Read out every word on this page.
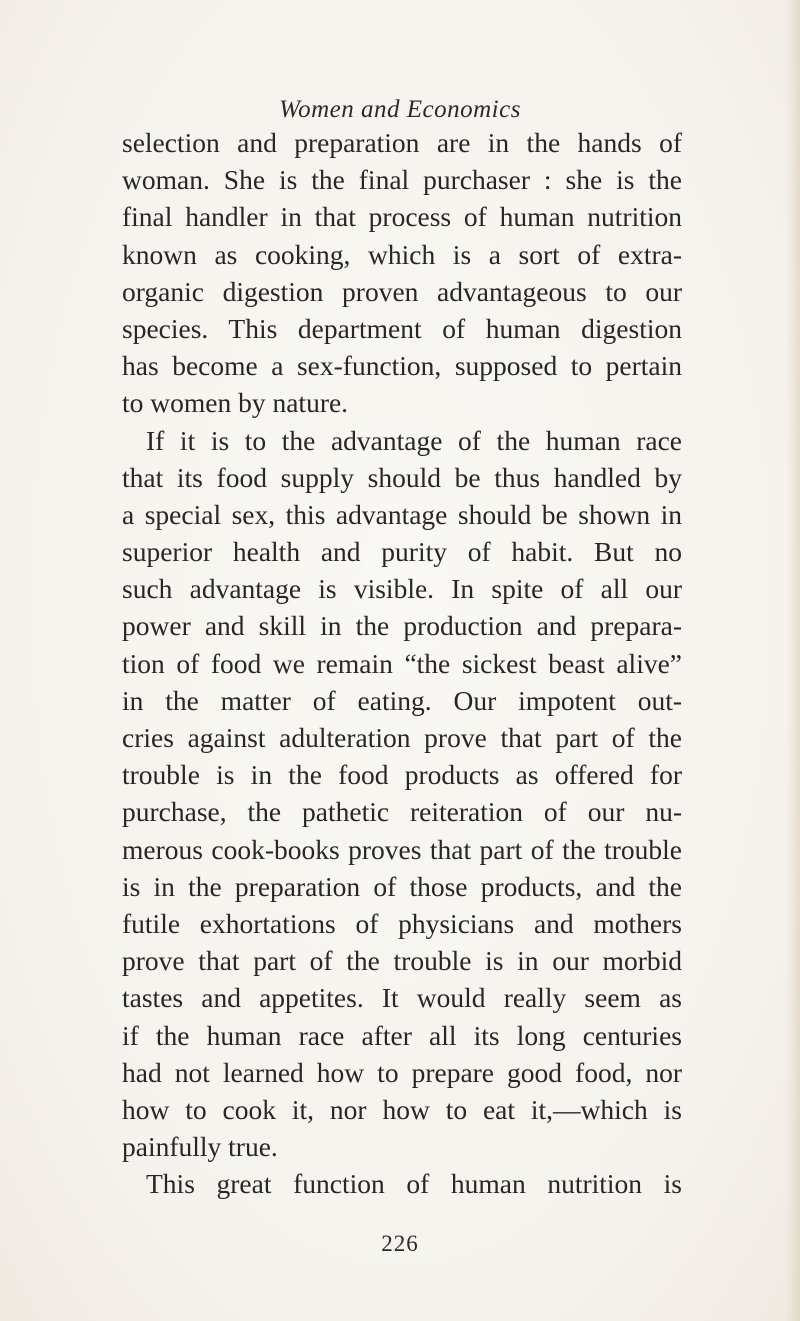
Women and Economics
selection and preparation are in the hands of
woman. She is the final purchaser : she is the
final handler in that process of human nutrition
known as cooking, which is a sort of extra-
organic digestion proven advantageous to our
species. This department of human digestion
has become a sex-function, supposed to pertain
to women by nature.
If it is to the advantage of the human race
that its food supply should be thus handled by
a special sex, this advantage should be shown in
superior health and purity of habit. But no
such advantage is visible. In spite of all our
power and skill in the production and prepara-
tion of food we remain “the sickest beast alive”
in the matter of eating. Our impotent out-
cries against adulteration prove that part of the
trouble is in the food products as offered for
purchase, the pathetic reiteration of our nu-
merous cook-books proves that part of the trouble
is in the preparation of those products, and the
futile exhortations of physicians and mothers
prove that part of the trouble is in our morbid
tastes and appetites. It would really seem as
if the human race after all its long centuries
had not learned how to prepare good food, nor
how to cook it, nor how to eat it,—which is
painfully true.
This great function of human nutrition is
226
